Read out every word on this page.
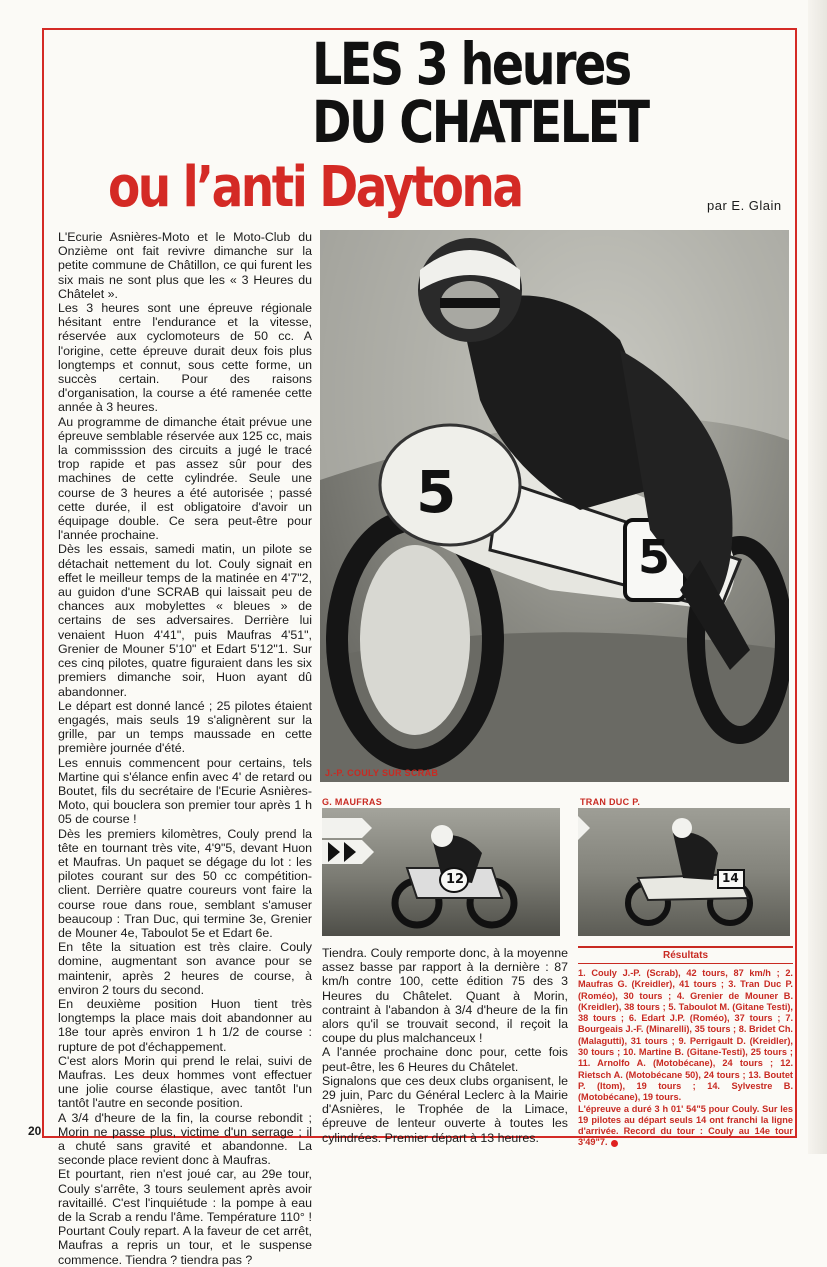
LES 3 heures
DU CHATELET
ou l’anti Daytona	par E. Glain

L'Ecurie Asnières-Moto et le Moto-Club du Onzième ont fait revivre dimanche sur la petite commune de Châtillon, ce qui furent les six mais ne sont plus que les « 3 Heures du Châtelet ».

Les 3 heures sont une épreuve régionale hésitant entre l'endurance et la vitesse, réservée aux cyclomoteurs de 50 cc. A l'origine, cette épreuve durait deux fois plus longtemps et connut, sous cette forme, un succès certain. Pour des raisons d'organisation, la course a été ramenée cette année à 3 heures.

Au programme de dimanche était prévue une épreuve semblable réservée aux 125 cc, mais la commisssion des circuits a jugé le tracé trop rapide et pas assez sûr pour des machines de cette cylindrée. Seule une course de 3 heures a été autorisée ; passé cette durée, il est obligatoire d'avoir un équipage double. Ce sera peut-être pour l'année prochaine.

Dès les essais, samedi matin, un pilote se détachait nettement du lot. Couly signait en effet le meilleur temps de la matinée en 4'7"2, au guidon d'une SCRAB qui laissait peu de chances aux mobylettes « bleues » de certains de ses adversaires. Derrière lui venaient Huon 4'41", puis Maufras 4'51", Grenier de Mouner 5'10" et Edart 5'12"1. Sur ces cinq pilotes, quatre figuraient dans les six premiers dimanche soir, Huon ayant dû abandonner.

Le départ est donné lancé ; 25 pilotes étaient engagés, mais seuls 19 s'alignèrent sur la grille, par un temps maussade en cette première journée d'été.

Les ennuis commencent pour certains, tels Martine qui s'élance enfin avec 4' de retard ou Boutet, fils du secrétaire de l'Ecurie Asnières-Moto, qui bouclera son premier tour après 1 h 05 de course !

Dès les premiers kilomètres, Couly prend la tête en tournant très vite, 4'9"5, devant Huon et Maufras. Un paquet se dégage du lot : les pilotes courant sur des 50 cc compétition-client. Derrière quatre coureurs vont faire la course roue dans roue, semblant s'amuser beaucoup : Tran Duc, qui termine 3e, Grenier de Mouner 4e, Taboulot 5e et Edart 6e.

En tête la situation est très claire. Couly domine, augmentant son avance pour se maintenir, après 2 heures de course, à environ 2 tours du second.

En deuxième position Huon tient très longtemps la place mais doit abandonner au 18e tour après environ 1 h 1/2 de course : rupture de pot d'échappement.

C'est alors Morin qui prend le relai, suivi de Maufras. Les deux hommes vont effectuer une jolie course élastique, avec tantôt l'un tantôt l'autre en seconde position.

A 3/4 d'heure de la fin, la course rebondit ; Morin ne passe plus, victime d'un serrage ; il a chuté sans gravité et abandonne. La seconde place revient donc à Maufras.

Et pourtant, rien n'est joué car, au 29e tour, Couly s'arrête, 3 tours seulement après avoir ravitaillé. C'est l'inquiétude : la pompe à eau de la Scrab a rendu l'âme. Température 110° ! Pourtant Couly repart. A la faveur de cet arrêt, Maufras a repris un tour, et le suspense commence. Tiendra ? tiendra pas ?

5
5
J.-P. COULY SUR SCRAB
G. MAUFRAS
12
TRAN DUC P.
14

Tiendra. Couly remporte donc, à la moyenne assez basse par rapport à la dernière : 87 km/h contre 100, cette édition 75 des 3 Heures du Châtelet. Quant à Morin, contraint à l'abandon à 3/4 d'heure de la fin alors qu'il se trouvait second, il reçoit la coupe du plus malchanceux !

A l'année prochaine donc pour, cette fois peut-être, les 6 Heures du Châtelet.

Signalons que ces deux clubs organisent, le 29 juin, Parc du Général Leclerc à la Mairie d'Asnières, le Trophée de la Limace, épreuve de lenteur ouverte à toutes les cylindrées. Premier départ à 13 heures.

Résultats

1. Couly J.-P. (Scrab), 42 tours, 87 km/h ; 2. Maufras G. (Kreidler), 41 tours ; 3. Tran Duc P. (Roméo), 30 tours ; 4. Grenier de Mouner B. (Kreidler), 38 tours ; 5. Taboulot M. (Gitane Testi), 38 tours ; 6. Edart J.P. (Roméo), 37 tours ; 7. Bourgeais J.-F. (Minarelli), 35 tours ; 8. Bridet Ch. (Malagutti), 31 tours ; 9. Perrigault D. (Kreidler), 30 tours ; 10. Martine B. (Gitane-Testi), 25 tours ; 11. Arnolfo A. (Motobécane), 24 tours ; 12. Rietsch A. (Motobécane 50), 24 tours ; 13. Boutet P. (Itom), 19 tours ; 14. Sylvestre B. (Motobécane), 19 tours.

L'épreuve a duré 3 h 01' 54"5 pour Couly. Sur les 19 pilotes au départ seuls 14 ont franchi la ligne d'arrivée. Record du tour : Couly au 14e tour 3'49"7.

20
